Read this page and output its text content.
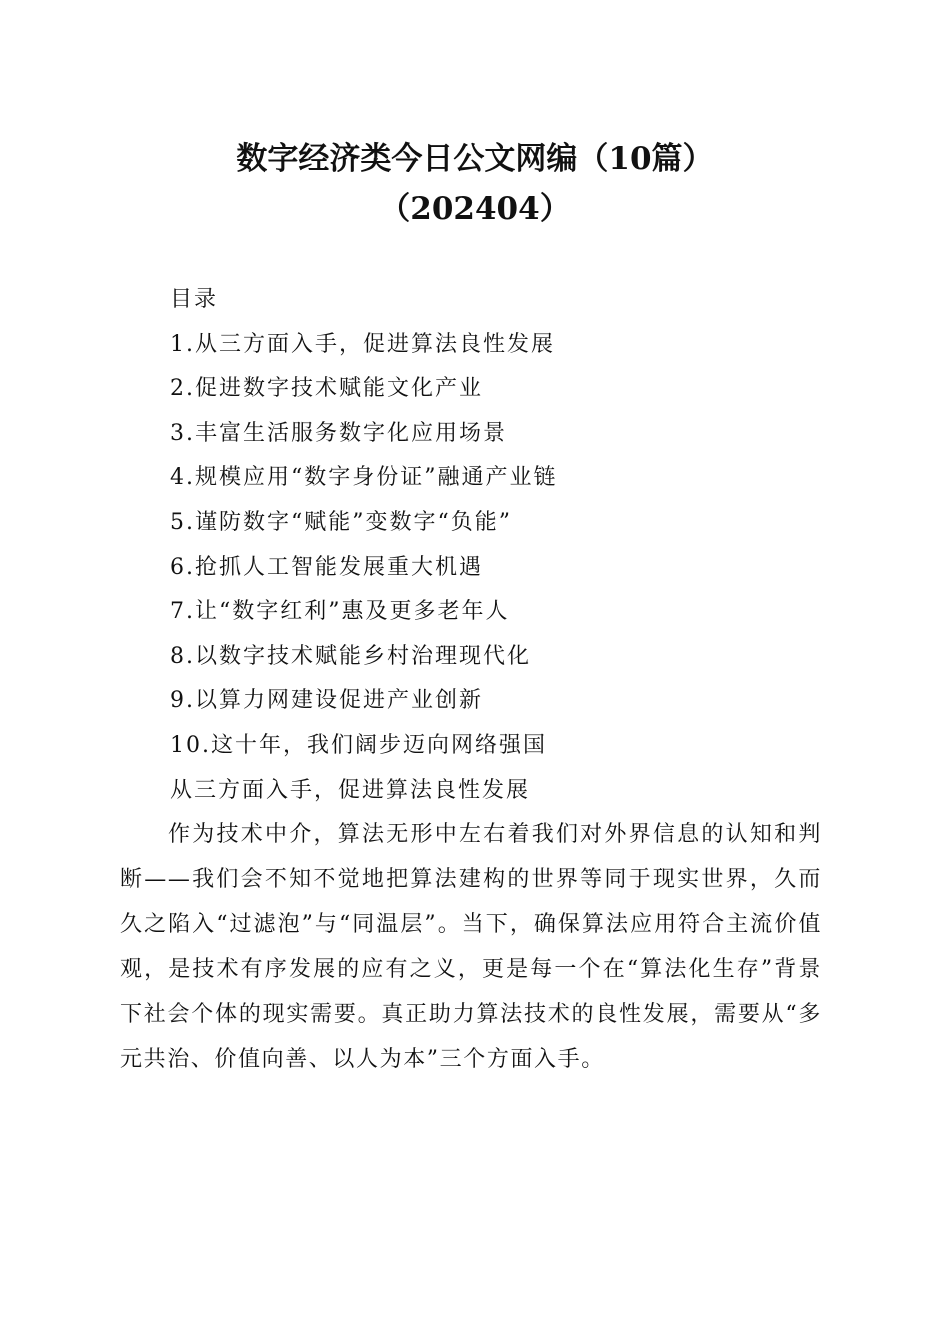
数字经济类今日公文网编（10篇）
（202404）
目录
1.从三方面入手，促进算法良性发展
2.促进数字技术赋能文化产业
3.丰富生活服务数字化应用场景
4.规模应用“数字身份证”融通产业链
5.谨防数字“赋能”变数字“负能”
6.抢抓人工智能发展重大机遇
7.让“数字红利”惠及更多老年人
8.以数字技术赋能乡村治理现代化
9.以算力网建设促进产业创新
10.这十年，我们阔步迈向网络强国
从三方面入手，促进算法良性发展
作为技术中介，算法无形中左右着我们对外界信息的认知和判断——我们会不知不觉地把算法建构的世界等同于现实世界，久而久之陷入“过滤泡”与“同温层”。当下，确保算法应用符合主流价值观，是技术有序发展的应有之义，更是每一个在“算法化生存”背景下社会个体的现实需要。真正助力算法技术的良性发展，需要从“多元共治、价值向善、以人为本”三个方面入手。
